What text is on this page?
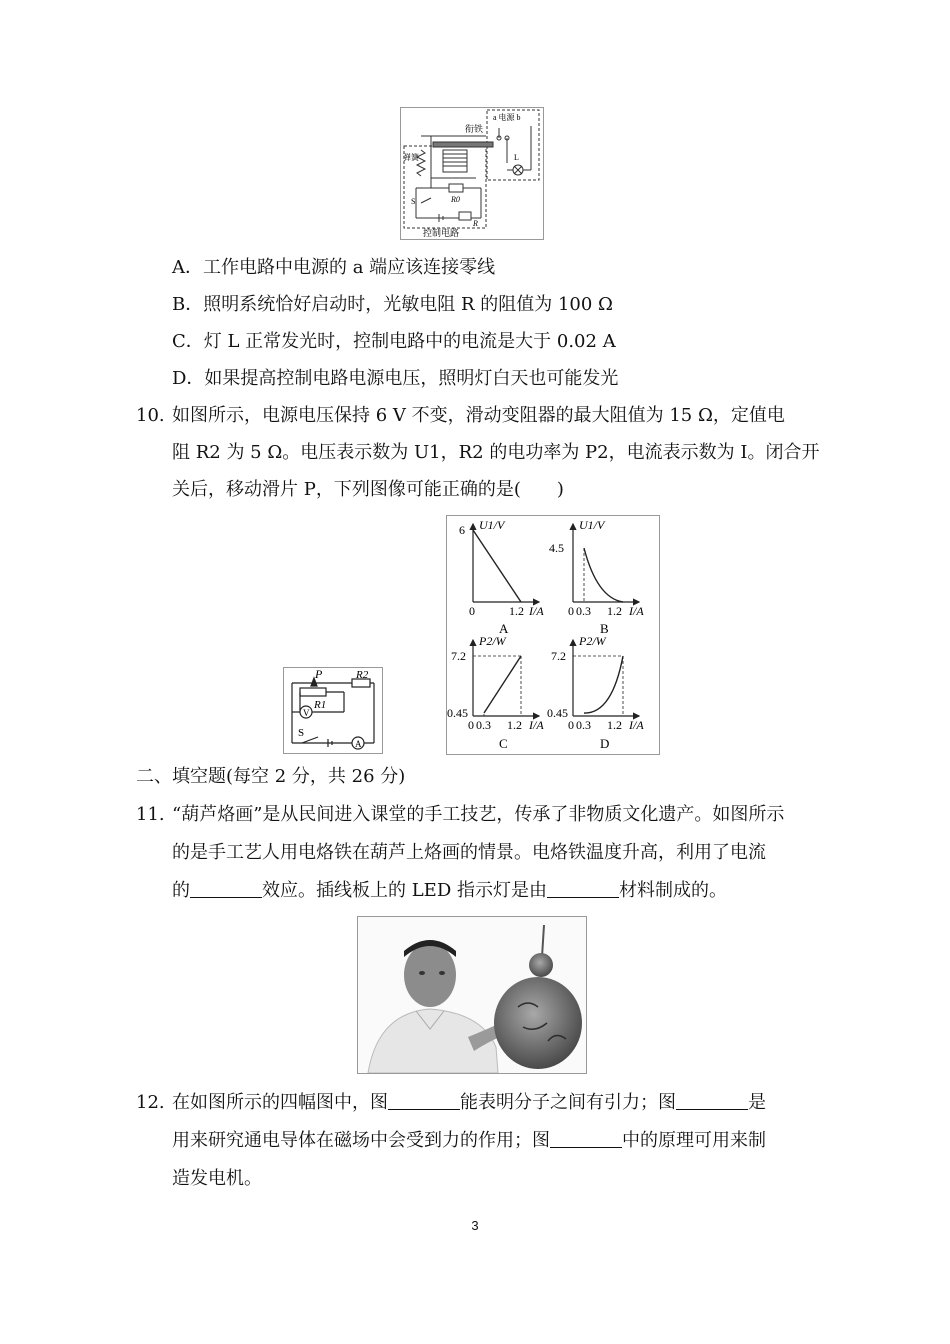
衔铁
a 电源 b
弹簧
S	R0
R
L
控制电路
A．工作电路中电源的 a 端应该连接零线
B．照明系统恰好启动时，光敏电阻 R 的阻值为 100 Ω
C．灯 L 正常发光时，控制电路中的电流是大于 0.02 A
D．如果提高控制电路电源电压，照明灯白天也可能发光
10. 如图所示，电源电压保持 6 V 不变，滑动变阻器的最大阻值为 15 Ω，定值电
阻 R2 为 5 Ω。电压表示数为 U1，R2 的电功率为 P2，电流表示数为 I。闭合开
关后，移动滑片 P，下列图像可能正确的是(　　)
P
R1
R2
V
A
S
U1/V
6
0	1.2 I/A
A
U1/V
4.5
0 0.3 1.2 I/A
B
P2/W
7.2
0.45
0 0.3 1.2 I/A
C
P2/W
7.2
0.45
0 0.3 1.2 I/A
D
二、填空题(每空 2 分，共 26 分)
11. “葫芦烙画”是从民间进入课堂的手工技艺，传承了非物质文化遗产。如图所示
的是手工艺人用电烙铁在葫芦上烙画的情景。电烙铁温度升高，利用了电流
的	效应。插线板上的 LED 指示灯是由	材料制成的。
12. 在如图所示的四幅图中，图	能表明分子之间有引力；图	是
用来研究通电导体在磁场中会受到力的作用；图	中的原理可用来制
造发电机。
3
